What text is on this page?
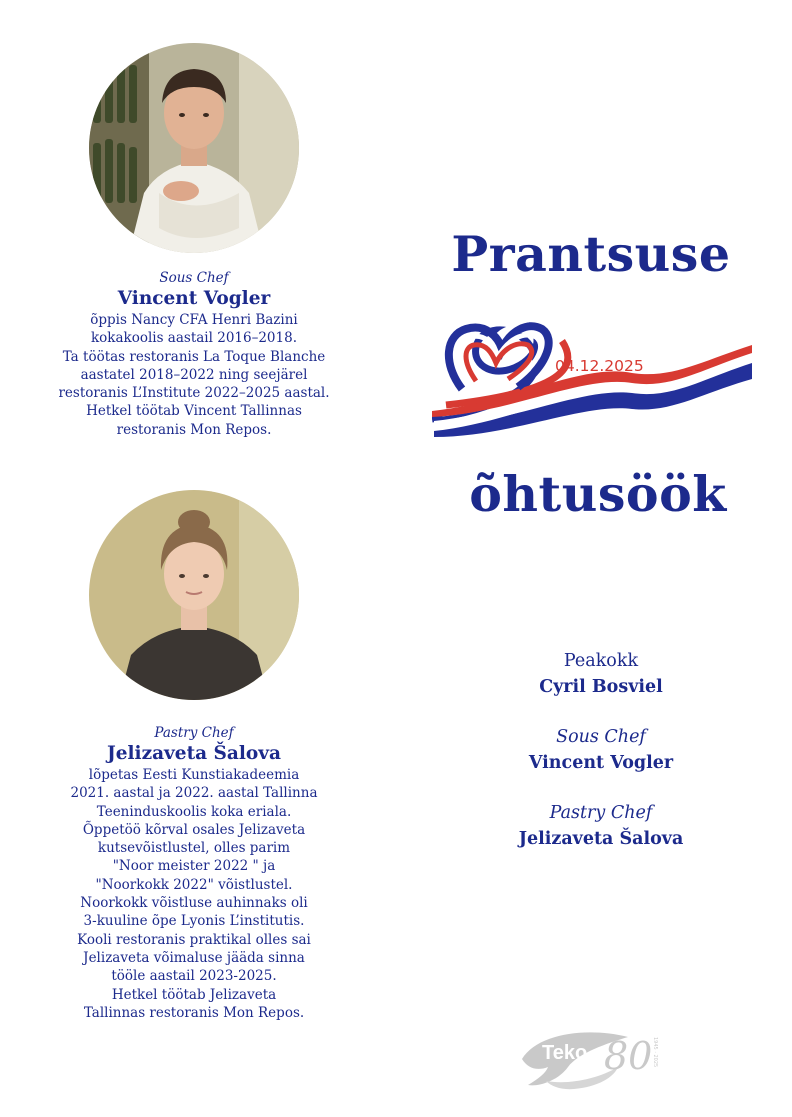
Sous Chef
Vincent Vogler
õppis Nancy CFA Henri Bazini
kokakoolis aastail 2016–2018.
Ta töötas restoranis La Toque Blanche
aastatel 2018–2022 ning seejärel
restoranis L’Institute 2022–2025 aastal.
Hetkel töötab Vincent Tallinnas
restoranis Mon Repos.
Pastry Chef
Jelizaveta Šalova
lõpetas Eesti Kunstiakadeemia
2021. aastal ja 2022. aastal Tallinna
Teeninduskoolis koka eriala.
Õppetöö kõrval osales Jelizaveta
kutsevõistlustel, olles parim
"Noor meister 2022 " ja
"Noorkokk 2022" võistlustel.
Noorkokk võistluse auhinnaks oli
3-kuuline õpe Lyonis L’institutis.
Kooli restoranis praktikal olles sai
Jelizaveta võimaluse jääda sinna
tööle aastail 2023-2025.
Hetkel töötab Jelizaveta
Tallinnas restoranis Mon Repos.
Prantsuse
04.12.2025
õhtusöök
Peakokk
Cyril Bosviel
Sous Chef
Vincent Vogler
Pastry Chef
Jelizaveta Šalova
Teko 80 1945 · 2025
